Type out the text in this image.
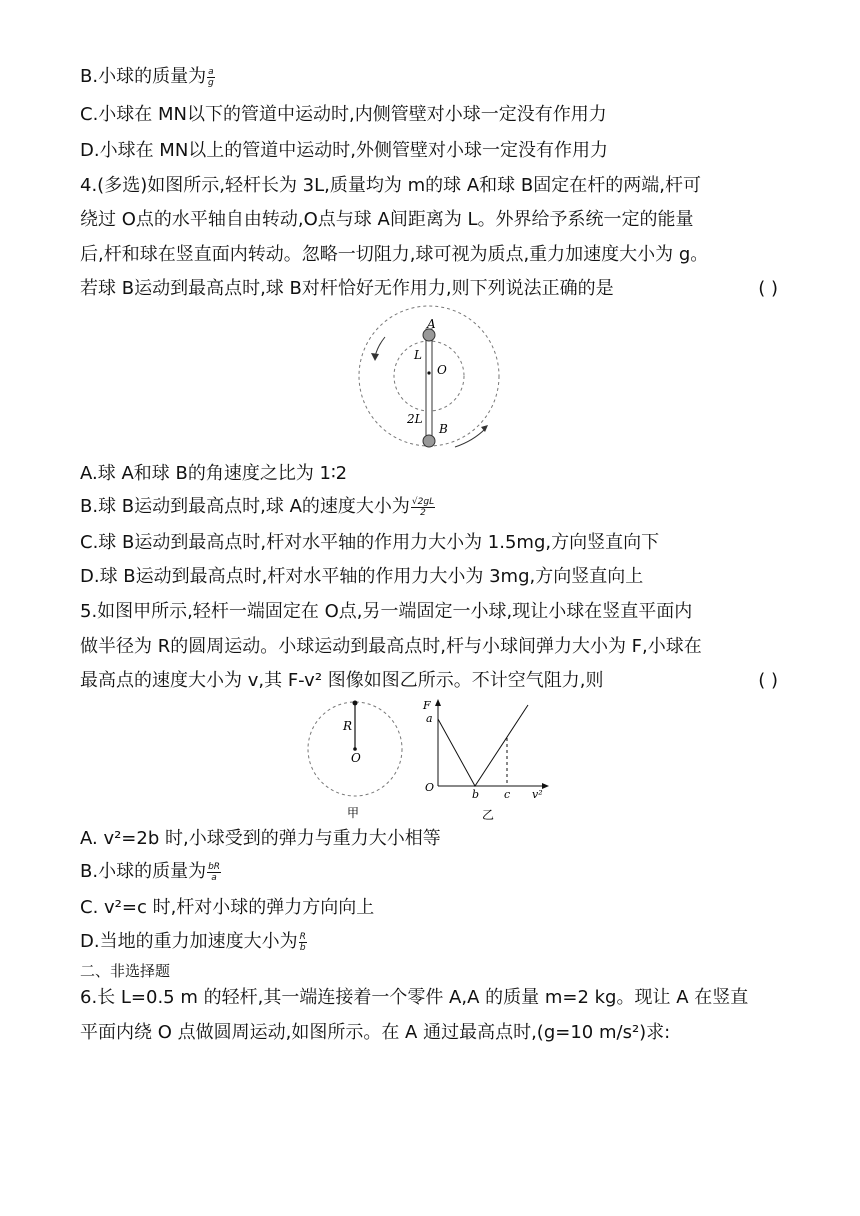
B.小球的质量为 $\frac{a}{g}$
C.小球在 MN以下的管道中运动时,内侧管壁对小球一定没有作用力
D.小球在 MN以上的管道中运动时,外侧管壁对小球一定没有作用力
4.(多选)如图所示,轻杆长为 3L,质量均为 m的球 A和球 B固定在杆的两端,杆可
绕过 O点的水平轴自由转动,O点与球 A间距离为 L。外界给予系统一定的能量
后,杆和球在竖直面内转动。忽略一切阻力,球可视为质点,重力加速度大小为 g。
若球 B运动到最高点时,球 B对杆恰好无作用力,则下列说法正确的是	( )
A
L
O
2L
B
A.球 A和球 B的角速度之比为 1∶2
B.球 B运动到最高点时,球 A的速度大小为 $\frac{√2gL}{2}$
C.球 B运动到最高点时,杆对水平轴的作用力大小为 1.5mg,方向竖直向下
D.球 B运动到最高点时,杆对水平轴的作用力大小为 3mg,方向竖直向上
5.如图甲所示,轻杆一端固定在 O点,另一端固定一小球,现让小球在竖直平面内
做半径为 R的圆周运动。小球运动到最高点时,杆与小球间弹力大小为 F,小球在
最高点的速度大小为 v,其 F-v² 图像如图乙所示。不计空气阻力,则	( )
R
O
甲
F
a
O
b c v²
乙
A. v²=2b 时,小球受到的弹力与重力大小相等
B.小球的质量为 $\frac{bR}{a}$
C. v²=c 时,杆对小球的弹力方向向上
D.当地的重力加速度大小为 $\frac{R}{b}$
二、非选择题
6.长 L=0.5 m 的轻杆,其一端连接着一个零件 A,A 的质量 m=2 kg。现让 A 在竖直
平面内绕 O 点做圆周运动,如图所示。在 A 通过最高点时,(g=10 m/s²)求:
